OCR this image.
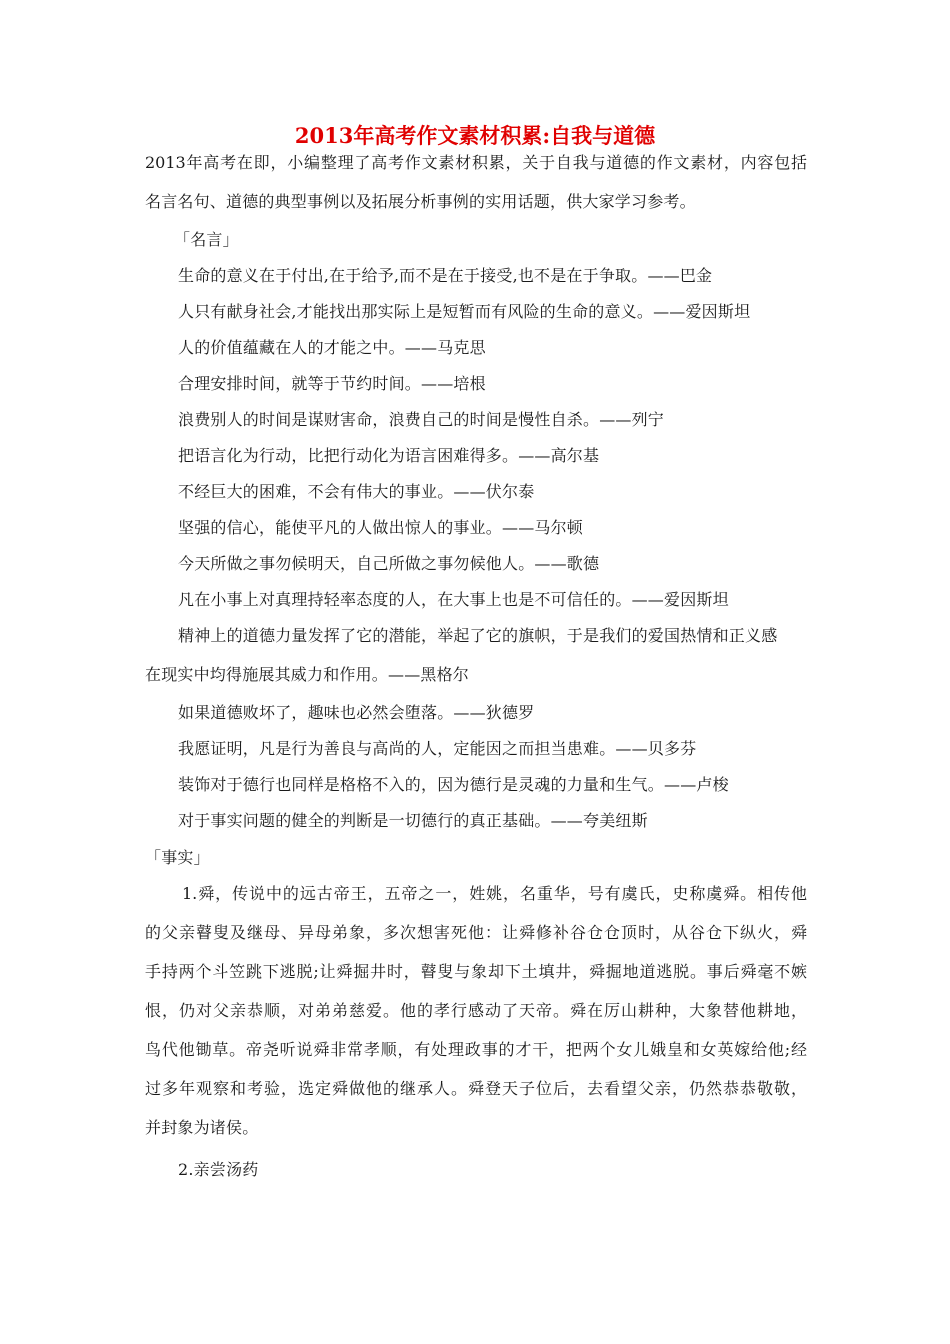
2013年高考作文素材积累:自我与道德
2013年高考在即，小编整理了高考作文素材积累，关于自我与道德的作文素材，内容包括
名言名句、道德的典型事例以及拓展分析事例的实用话题，供大家学习参考。
「名言」
生命的意义在于付出,在于给予,而不是在于接受,也不是在于争取。——巴金
人只有献身社会,才能找出那实际上是短暂而有风险的生命的意义。——爱因斯坦
人的价值蕴藏在人的才能之中。——马克思
合理安排时间，就等于节约时间。——培根
浪费别人的时间是谋财害命，浪费自己的时间是慢性自杀。——列宁
把语言化为行动，比把行动化为语言困难得多。——高尔基
不经巨大的困难，不会有伟大的事业。——伏尔泰
坚强的信心，能使平凡的人做出惊人的事业。——马尔顿
今天所做之事勿候明天，自己所做之事勿候他人。——歌德
凡在小事上对真理持轻率态度的人，在大事上也是不可信任的。——爱因斯坦
精神上的道德力量发挥了它的潜能，举起了它的旗帜，于是我们的爱国热情和正义感
在现实中均得施展其威力和作用。——黑格尔
如果道德败坏了，趣味也必然会堕落。——狄德罗
我愿证明，凡是行为善良与高尚的人，定能因之而担当患难。——贝多芬
装饰对于德行也同样是格格不入的，因为德行是灵魂的力量和生气。——卢梭
对于事实问题的健全的判断是一切德行的真正基础。——夸美纽斯
「事实」
1.舜，传说中的远古帝王，五帝之一，姓姚，名重华，号有虞氏，史称虞舜。相传他
的父亲瞽叟及继母、异母弟象，多次想害死他：让舜修补谷仓仓顶时，从谷仓下纵火，舜
手持两个斗笠跳下逃脱;让舜掘井时，瞽叟与象却下土填井，舜掘地道逃脱。事后舜毫不嫉
恨，仍对父亲恭顺，对弟弟慈爱。他的孝行感动了天帝。舜在厉山耕种，大象替他耕地，
鸟代他锄草。帝尧听说舜非常孝顺，有处理政事的才干，把两个女儿娥皇和女英嫁给他;经
过多年观察和考验，选定舜做他的继承人。舜登天子位后，去看望父亲，仍然恭恭敬敬，
并封象为诸侯。
2.亲尝汤药
